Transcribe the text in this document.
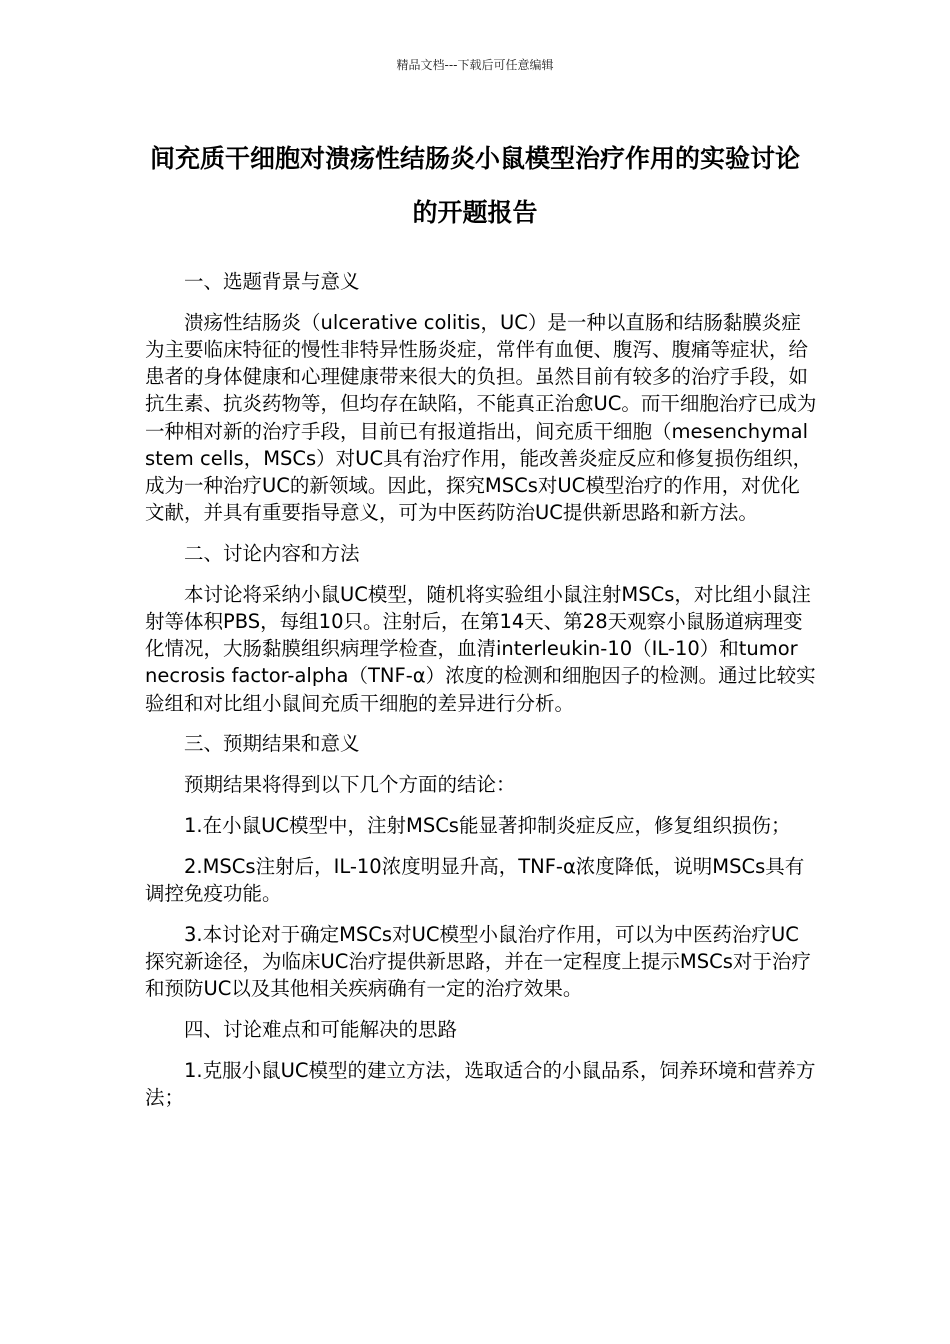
精品文档---下载后可任意编辑
间充质干细胞对溃疡性结肠炎小鼠模型治疗作用的实验讨论的开题报告

一、选题背景与意义

溃疡性结肠炎（ulcerative colitis，UC）是一种以直肠和结肠黏膜炎症为主要临床特征的慢性非特异性肠炎症，常伴有血便、腹泻、腹痛等症状，给患者的身体健康和心理健康带来很大的负担。虽然目前有较多的治疗手段，如抗生素、抗炎药物等，但均存在缺陷，不能真正治愈UC。而干细胞治疗已成为一种相对新的治疗手段，目前已有报道指出，间充质干细胞（mesenchymal stem cells，MSCs）对UC具有治疗作用，能改善炎症反应和修复损伤组织，成为一种治疗UC的新领域。因此，探究MSCs对UC模型治疗的作用，对优化文献，并具有重要指导意义，可为中医药防治UC提供新思路和新方法。

二、讨论内容和方法

本讨论将采纳小鼠UC模型，随机将实验组小鼠注射MSCs，对比组小鼠注射等体积PBS，每组10只。注射后，在第14天、第28天观察小鼠肠道病理变化情况，大肠黏膜组织病理学检查，血清interleukin-10（IL-10）和tumor necrosis factor-alpha（TNF-α）浓度的检测和细胞因子的检测。通过比较实验组和对比组小鼠间充质干细胞的差异进行分析。

三、预期结果和意义

预期结果将得到以下几个方面的结论：

1.在小鼠UC模型中，注射MSCs能显著抑制炎症反应，修复组织损伤；

2.MSCs注射后，IL-10浓度明显升高，TNF-α浓度降低，说明MSCs具有调控免疫功能。

3.本讨论对于确定MSCs对UC模型小鼠治疗作用，可以为中医药治疗UC探究新途径，为临床UC治疗提供新思路，并在一定程度上提示MSCs对于治疗和预防UC以及其他相关疾病确有一定的治疗效果。

四、讨论难点和可能解决的思路

1.克服小鼠UC模型的建立方法，选取适合的小鼠品系，饲养环境和营养方法；
